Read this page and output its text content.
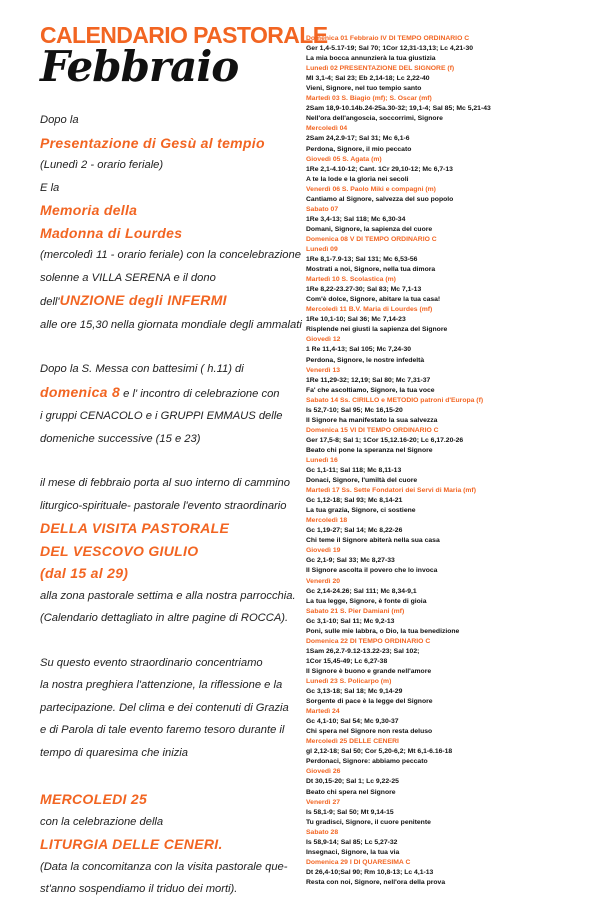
CALENDARIO PASTORALE
Febbraio

Dopo la

Presentazione di Gesù al tempio

(Lunedì 2 - orario feriale)

E la

Memoria della

Madonna di Lourdes

(mercoledì 11 - orario feriale) con la concelebrazione

solenne a VILLA SERENA e il dono

dell'UNZIONE degli INFERMI

alle ore 15,30 nella giornata mondiale degli ammalati

Dopo la S. Messa con battesimi ( h.11) di

domenica 8 e l' incontro di celebrazione con

i gruppi CENACOLO e i GRUPPI EMMAUS delle

domeniche successive (15 e 23)

il mese di febbraio porta al suo interno di cammino

liturgico-spirituale- pastorale l'evento straordinario

DELLA VISITA PASTORALE

DEL VESCOVO GIULIO

(dal 15 al 29)

alla zona pastorale settima e alla nostra parrocchia.

(Calendario dettagliato in altre pagine di ROCCA).

Su questo evento straordinario concentriamo

la nostra preghiera l'attenzione, la riflessione e la

partecipazione. Del clima e dei contenuti di Grazia

e di Parola di tale evento faremo tesoro durante il

tempo di quaresima che inizia

MERCOLEDI 25

con la celebrazione della

LITURGIA DELLE CENERI.

(Data la concomitanza con la visita pastorale que-

st'anno sospendiamo il triduo dei morti).

Domenica 01 Febbraio IV DI TEMPO ORDINARIO C
Ger 1,4-5.17-19; Sal 70; 1Cor 12,31-13,13; Lc 4,21-30
La mia bocca annunzierà la tua giustizia
Lunedì 02 PRESENTAZIONE DEL SIGNORE (f)
Ml 3,1-4; Sal 23; Eb 2,14-18; Lc 2,22-40
Vieni, Signore, nel tuo tempio santo
Martedì 03 S. Biagio (mf); S. Oscar (mf)
2Sam 18,9-10.14b.24-25a.30-32; 19,1-4; Sal 85; Mc 5,21-43
Nell'ora dell'angoscia, soccorrimi, Signore
Mercoledì 04
2Sam 24,2.9-17; Sal 31; Mc 6,1-6
Perdona, Signore, il mio peccato
Giovedì 05 S. Agata (m)
1Re 2,1-4.10-12; Cant. 1Cr 29,10-12; Mc 6,7-13
A te la lode e la gloria nei secoli
Venerdì 06 S. Paolo Miki e compagni (m)
Cantiamo al Signore, salvezza del suo popolo
Sabato 07
1Re 3,4-13; Sal 118; Mc 6,30-34
Domani, Signore, la sapienza del cuore
Domenica 08 V DI TEMPO ORDINARIO C
Lunedì 09
1Re 8,1-7.9-13; Sal 131; Mc 6,53-56
Mostrati a noi, Signore, nella tua dimora
Martedì 10 S. Scolastica (m)
1Re 8,22-23.27-30; Sal 83; Mc 7,1-13
Com'è dolce, Signore, abitare la tua casa!
Mercoledì 11 B.V. Maria di Lourdes (mf)
1Re 10,1-10; Sal 36; Mc 7,14-23
Risplende nei giusti la sapienza del Signore
Giovedì 12
1 Re 11,4-13; Sal 105; Mc 7,24-30
Perdona, Signore, le nostre infedeltà
Venerdì 13
1Re 11,29-32; 12,19; Sal 80; Mc 7,31-37
Fa' che ascoltiamo, Signore, la tua voce
Sabato 14 Ss. CIRILLO e METODIO patroni d'Europa (f)
Is 52,7-10; Sal 95; Mc 16,15-20
Il Signore ha manifestato la sua salvezza
Domenica 15 VI DI TEMPO ORDINARIO C
Ger 17,5-8; Sal 1; 1Cor 15,12.16-20; Lc 6,17.20-26
Beato chi pone la speranza nel Signore
Lunedì 16
Gc 1,1-11; Sal 118; Mc 8,11-13
Donaci, Signore, l'umiltà del cuore
Martedì 17 Ss. Sette Fondatori dei Servi di Maria (mf)
Gc 1,12-18; Sal 93; Mc 8,14-21
La tua grazia, Signore, ci sostiene
Mercoledì 18
Gc 1,19-27; Sal 14; Mc 8,22-26
Chi teme il Signore abiterà nella sua casa
Giovedì 19
Gc 2,1-9; Sal 33; Mc 8,27-33
Il Signore ascolta il povero che lo invoca
Venerdì 20
Gc 2,14-24.26; Sal 111; Mc 8,34-9,1
La tua legge, Signore, è fonte di gioia
Sabato 21 S. Pier Damiani (mf)
Gc 3,1-10; Sal 11; Mc 9,2-13
Poni, sulle mie labbra, o Dio, la tua benedizione
Domenica 22 DI TEMPO ORDINARIO C
1Sam 26,2.7-9.12-13.22-23; Sal 102;
1Cor 15,45-49; Lc 6,27-38
Il Signore è buono e grande nell'amore
Lunedì 23 S. Policarpo (m)
Gc 3,13-18; Sal 18; Mc 9,14-29
Sorgente di pace è la legge del Signore
Martedì 24
Gc 4,1-10; Sal 54; Mc 9,30-37
Chi spera nel Signore non resta deluso
Mercoledì 25 DELLE CENERI
gl 2,12-18; Sal 50; Cor 5,20-6,2; Mt 6,1-6.16-18
Perdonaci, Signore: abbiamo peccato
Giovedì 26
Dt 30,15-20; Sal 1; Lc 9,22-25
Beato chi spera nel Signore
Venerdì 27
Is 58,1-9; Sal 50; Mt 9,14-15
Tu gradisci, Signore, il cuore penitente
Sabato 28
Is 58,9-14; Sal 85; Lc 5,27-32
Insegnaci, Signore, la tua via
Domenica 29 I DI QUARESIMA C
Dt 26,4-10;Sal 90; Rm 10,8-13; Lc 4,1-13
Resta con noi, Signore, nell'ora della prova
